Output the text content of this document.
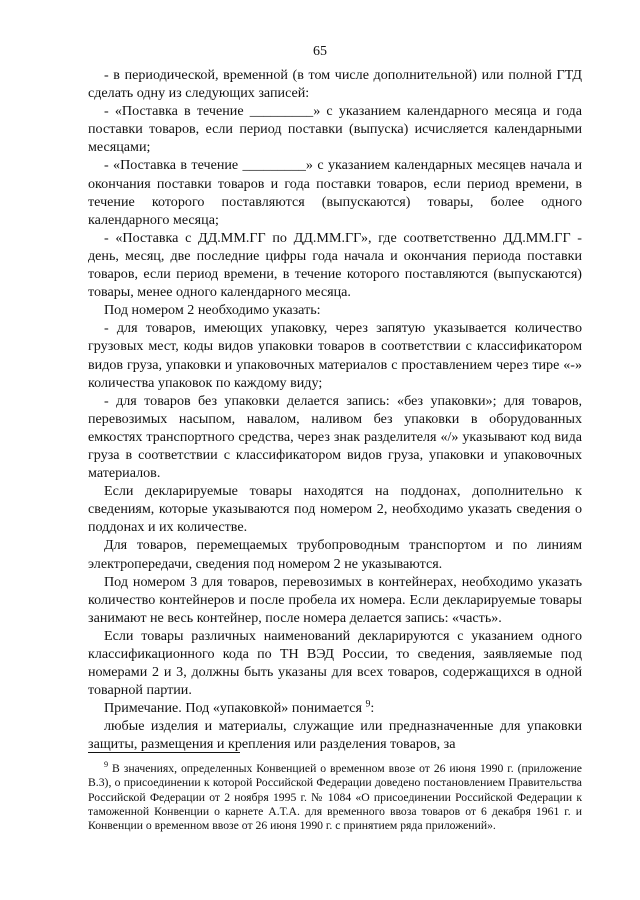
65

- в периодической, временной (в том числе дополнительной) или полной ГТД сделать одну из следующих записей:

- «Поставка в течение _________» с указанием календарного месяца и года поставки товаров, если период поставки (выпуска) исчисляется календарными месяцами;

- «Поставка в течение _________» с указанием календарных месяцев начала и окончания поставки товаров и года поставки товаров, если период времени, в течение которого поставляются (выпускаются) товары, более одного календарного месяца;

- «Поставка с ДД.ММ.ГГ по ДД.ММ.ГГ», где соответственно ДД.ММ.ГГ - день, месяц, две последние цифры года начала и окончания периода поставки товаров, если период времени, в течение которого поставляются (выпускаются) товары, менее одного календарного месяца.

Под номером 2 необходимо указать:

- для товаров, имеющих упаковку, через запятую указывается количество грузовых мест, коды видов упаковки товаров в соответствии с классификатором видов груза, упаковки и упаковочных материалов с проставлением через тире «-» количества упаковок по каждому виду;

- для товаров без упаковки делается запись: «без упаковки»; для товаров, перевозимых насыпом, навалом, наливом без упаковки в оборудованных емкостях транспортного средства, через знак разделителя «/» указывают код вида груза в соответствии с классификатором видов груза, упаковки и упаковочных материалов.

Если декларируемые товары находятся на поддонах, дополнительно к сведениям, которые указываются под номером 2, необходимо указать сведения о поддонах и их количестве.

Для товаров, перемещаемых трубопроводным транспортом и по линиям электропередачи, сведения под номером 2 не указываются.

Под номером 3 для товаров, перевозимых в контейнерах, необходимо указать количество контейнеров и после пробела их номера. Если декларируемые товары занимают не весь контейнер, после номера делается запись: «часть».

Если товары различных наименований декларируются с указанием одного классификационного кода по ТН ВЭД России, то сведения, заявляемые под номерами 2 и 3, должны быть указаны для всех товаров, содержащихся в одной товарной партии.

Примечание. Под «упаковкой» понимается $^9$:

любые изделия и материалы, служащие или предназначенные для упаковки защиты, размещения и крепления или разделения товаров, за

$^9$ В значениях, определенных Конвенцией о временном ввозе от 26 июня 1990 г. (приложение В.3), о присоединении к которой Российской Федерации доведено постановлением Правительства Российской Федерации от 2 ноября 1995 г. № 1084 «О присоединении Российской Федерации к таможенной Конвенции о карнете А.Т.А. для временного ввоза товаров от 6 декабря 1961 г. и Конвенции о временном ввозе от 26 июня 1990 г. с принятием ряда приложений».
